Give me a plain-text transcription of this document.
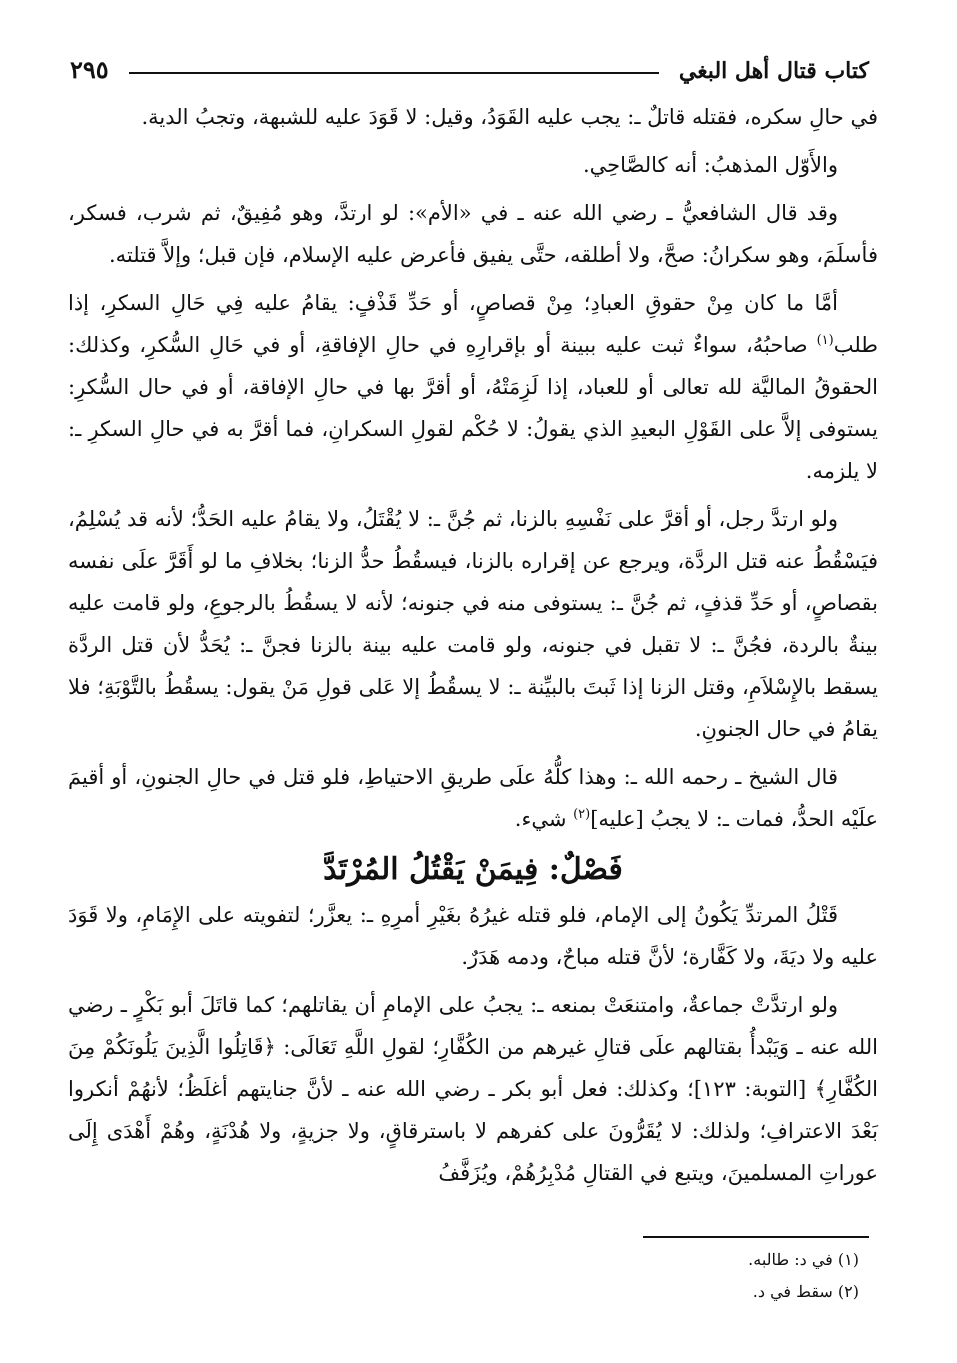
كتاب قتال أهل البغي
٢٩٥

في حالِ سكره، فقتله قاتلٌ ـ: يجب عليه القَوَدُ، وقيل: لا قَوَدَ عليه للشبهة، وتجبُ الدية.

والأَوّل المذهبُ: أنه كالصَّاحِي.

وقد قال الشافعيُّ ـ رضي الله عنه ـ في «الأم»: لو ارتدَّ، وهو مُفِيقٌ، ثم شرب، فسكر، فأسلَمَ، وهو سكرانُ: صحَّ، ولا أطلقه، حتَّى يفيق فأعرض عليه الإسلام، فإن قبل؛ وإلاَّ قتلته.

أمَّا ما كان مِنْ حقوقِ العبادِ؛ مِنْ قصاصٍ، أو حَدِّ قَذْفٍ: يقامُ عليه فِي حَالِ السكرِ، إذا طلب$^{(١)}$ صاحبُهُ، سواءٌ ثبت عليه ببينة أو بإقرارِهِ في حالِ الإفاقةِ، أو في حَالِ السُّكرِ، وكذلك: الحقوقُ الماليَّة لله تعالى أو للعباد، إذا لَزِمَتْهُ، أو أقرَّ بها في حالِ الإفاقة، أو في حال السُّكرِ: يستوفى إلاَّ على القَوْلِ البعيدِ الذي يقولُ: لا حُكْم لقولِ السكرانِ، فما أقرَّ به في حالِ السكرِ ـ: لا يلزمه.

ولو ارتدَّ رجل، أو أقرَّ على نَفْسِهِ بالزنا، ثم جُنَّ ـ: لا يُقْتَلُ، ولا يقامُ عليه الحَدُّ؛ لأنه قد يُسْلِمُ، فيَسْقُطُ عنه قتل الردَّة، ويرجع عن إقراره بالزنا، فيسقُطُ حدُّ الزنا؛ بخلافِ ما لو أَقَرَّ علَى نفسه بقصاصٍ، أو حَدِّ قذفٍ، ثم جُنَّ ـ: يستوفى منه في جنونه؛ لأنه لا يسقُطُ بالرجوعِ، ولو قامت عليه بينةٌ بالردة، فجُنَّ ـ: لا تقبل في جنونه، ولو قامت عليه بينة بالزنا فجنَّ ـ: يُحَدُّ لأن قتل الردَّة يسقط بالإِسْلاَمِ، وقتل الزنا إذا ثَبتَ بالبيِّنة ـ: لا يسقُطُ إلا عَلى قولِ مَنْ يقول: يسقُطُ بالتَّوْبَةِ؛ فلا يقامُ في حال الجنونِ.

قال الشيخ ـ رحمه الله ـ: وهذا كلُّهُ علَى طريقِ الاحتياطِ، فلو قتل في حالِ الجنونِ، أو أقيمَ علَيْه الحدُّ، فمات ـ: لا يجبُ [عليه]$^{(٢)}$ شيء.

فَصْلٌ: فِيمَنْ يَقْتُلُ المُرْتَدَّ

قَتْلُ المرتدِّ يَكُونُ إلى الإمام، فلو قتله غيرُهُ بغَيْرِ أمرِهِ ـ: يعزَّر؛ لتفويته على الإِمَامِ، ولا قَوَدَ عليه ولا ديَةَ، ولا كَفَّارة؛ لأنَّ قتله مباحٌ، ودمه هَدَرٌ.

ولو ارتدَّتْ جماعةٌ، وامتنعَتْ بمنعه ـ: يجبُ على الإمامِ أن يقاتلهم؛ كما قاتَلَ أبو بَكْرٍ ـ رضي الله عنه ـ وَيَبْدأُ بقتالهم علَى قتالِ غيرهم من الكُفَّارِ؛ لقولِ اللَّهِ تَعَالَى: ﴿قَاتِلُوا الَّذِينَ يَلُونَكُمْ مِنَ الكُفَّارِ﴾ [التوبة: ١٢٣]؛ وكذلك: فعل أبو بكر ـ رضي الله عنه ـ لأنَّ جنايتهم أغلَظُ؛ لأنهُمْ أنكروا بَعْدَ الاعترافِ؛ ولذلك: لا يُقَرُّونَ على كفرهم لا باسترقاقٍ، ولا جزيةٍ، ولا هُدْنَةٍ، وهُمْ أَهْدَى إِلَى عوراتِ المسلمينَ، ويتبع في القتالِ مُدْبِرُهُمْ، ويُزَفَّفُ

(١) في د: طالبه.

(٢) سقط في د.
